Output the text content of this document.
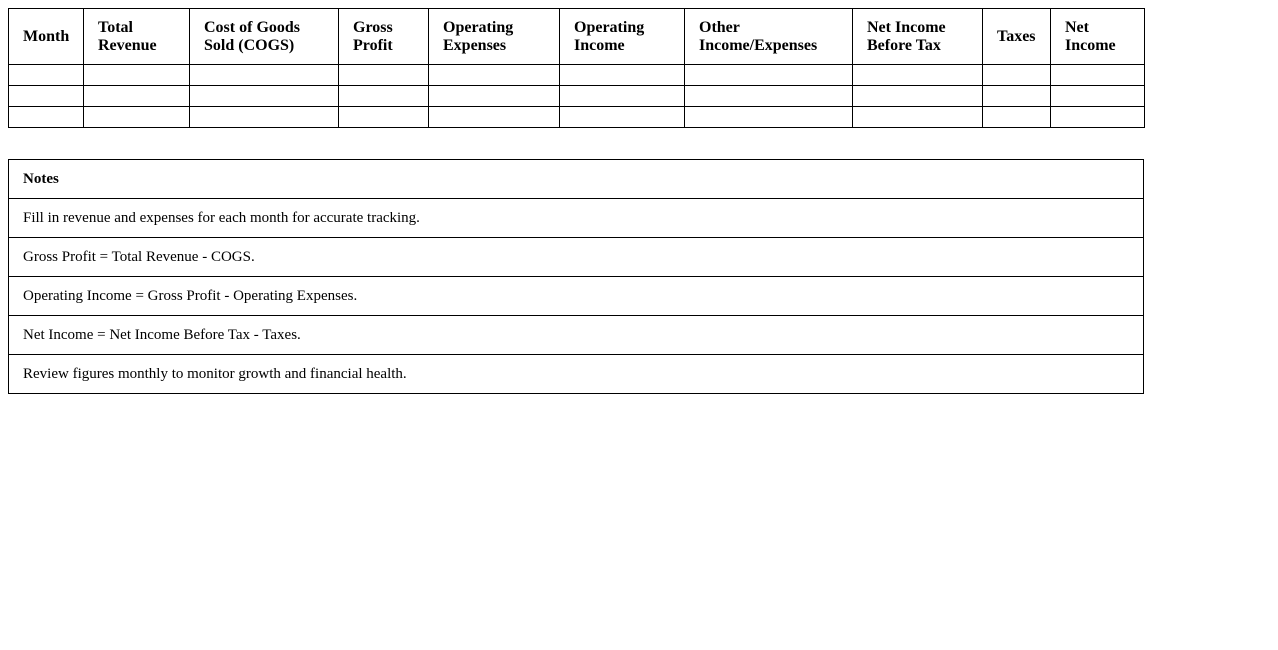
Month	Total Revenue	Cost of Goods Sold (COGS)	Gross Profit	Operating Expenses	Operating Income	Other Income/Expenses	Net Income Before Tax	Taxes	Net Income

Notes
Fill in revenue and expenses for each month for accurate tracking.
Gross Profit = Total Revenue - COGS.
Operating Income = Gross Profit - Operating Expenses.
Net Income = Net Income Before Tax - Taxes.
Review figures monthly to monitor growth and financial health.
